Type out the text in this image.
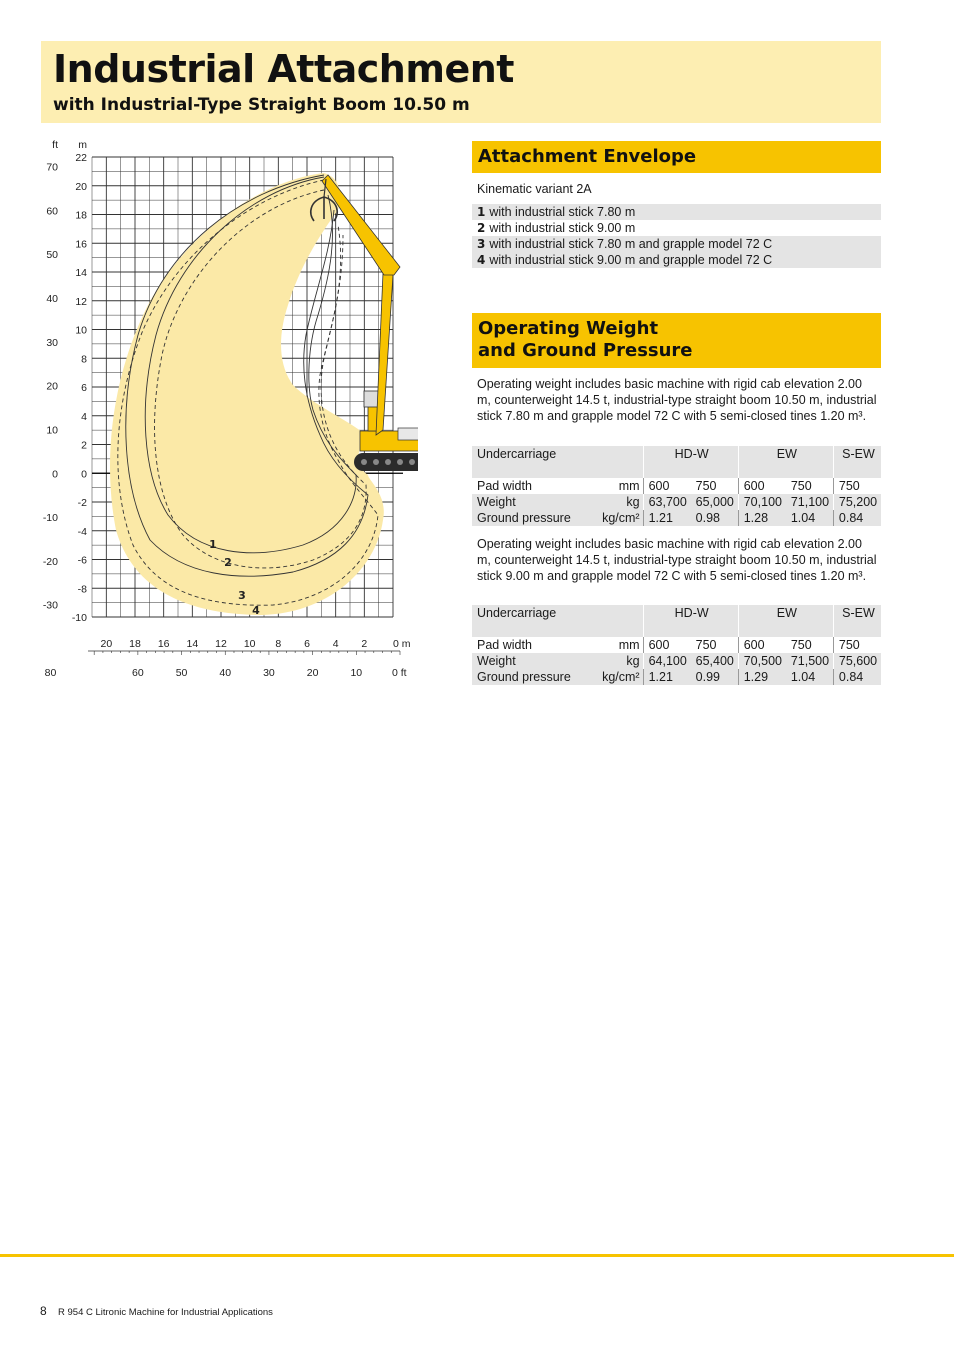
Industrial Attachment
with Industrial-Type Straight Boom 10.50 m
22
20
18
16
14
12
10
8
6
4
2
0
-2
-4
-6
-8
-10
70
60
50
40
30
20
10
0
-10
-20
-30
ft m
20 18 16 14 12 10 8 6 4 2 0 m
80	60	50	40	30	20	10	0 ft
1
2
3
4
Attachment Envelope
Kinematic variant 2A
1 with industrial stick 7.80 m
2 with industrial stick 9.00 m
3 with industrial stick 7.80 m and grapple model 72 C
4 with industrial stick 9.00 m and grapple model 72 C
Operating Weight
and Ground Pressure
Operating weight includes basic machine with rigid cab elevation 2.00 m, counterweight 14.5 t, industrial-type straight boom 10.50 m, industrial stick 7.80 m and grapple model 72 C with 5 semi-closed tines 1.20 m³.
Undercarriage		HD-W		EW		S-EW
Pad width	mm	600	750	600	750	750
Weight	kg	63,700	65,000	70,100	71,100	75,200
Ground pressure	kg/cm²	1.21	0.98	1.28	1.04	0.84
Operating weight includes basic machine with rigid cab elevation 2.00 m, counterweight 14.5 t, industrial-type straight boom 10.50 m, industrial stick 9.00 m and grapple model 72 C with 5 semi-closed tines 1.20 m³.
Undercarriage		HD-W		EW		S-EW
Pad width	mm	600	750	600	750	750
Weight	kg	64,100	65,400	70,500	71,500	75,600
Ground pressure	kg/cm²	1.21	0.99	1.29	1.04	0.84
8 R 954 C Litronic Machine for Industrial Applications
